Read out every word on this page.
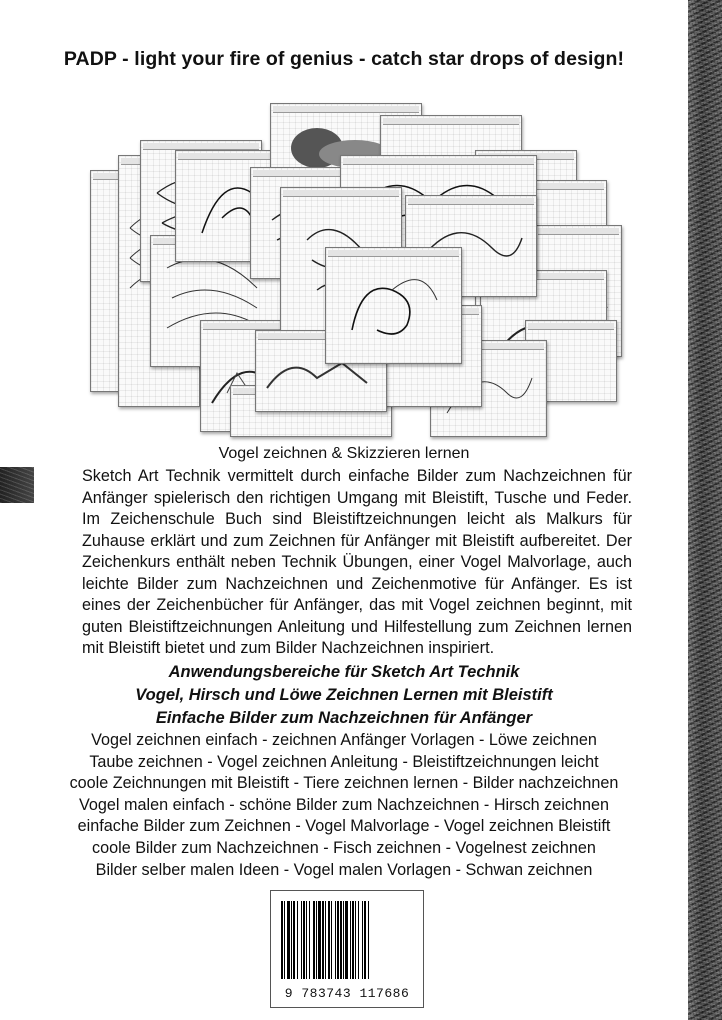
PADP - light your fire of genius - catch star drops of design!
Vogel zeichnen & Skizzieren lernen
Sketch Art Technik vermittelt durch einfache Bilder zum Nachzeichnen für Anfänger spielerisch den richtigen Umgang mit Bleistift, Tusche und Feder. Im Zeichenschule Buch sind Bleistiftzeichnungen leicht als Malkurs für Zuhause erklärt und zum Zeichnen für Anfänger mit Bleistift aufbereitet. Der Zeichenkurs enthält neben Technik Übungen, einer Vogel Malvorlage, auch leichte Bilder zum Nachzeichnen und Zeichenmotive für Anfänger. Es ist eines der Zeichenbücher für Anfänger, das mit Vogel zeichnen beginnt, mit guten Bleistiftzeichnungen Anleitung und Hilfestellung zum Zeichnen lernen mit Bleistift bietet und zum Bilder Nachzeichnen inspiriert.
Anwendungsbereiche für Sketch Art Technik
Vogel, Hirsch und Löwe Zeichnen Lernen mit Bleistift
Einfache Bilder zum Nachzeichnen für Anfänger
Vogel zeichnen einfach - zeichnen Anfänger Vorlagen - Löwe zeichnen
Taube zeichnen - Vogel zeichnen Anleitung - Bleistiftzeichnungen leicht
coole Zeichnungen mit Bleistift - Tiere zeichnen lernen - Bilder nachzeichnen
Vogel malen einfach - schöne Bilder zum Nachzeichnen - Hirsch zeichnen
einfache Bilder zum Zeichnen - Vogel Malvorlage - Vogel zeichnen Bleistift
coole Bilder zum Nachzeichnen - Fisch zeichnen - Vogelnest zeichnen
Bilder selber malen Ideen - Vogel malen Vorlagen - Schwan zeichnen
9 783743 117686
